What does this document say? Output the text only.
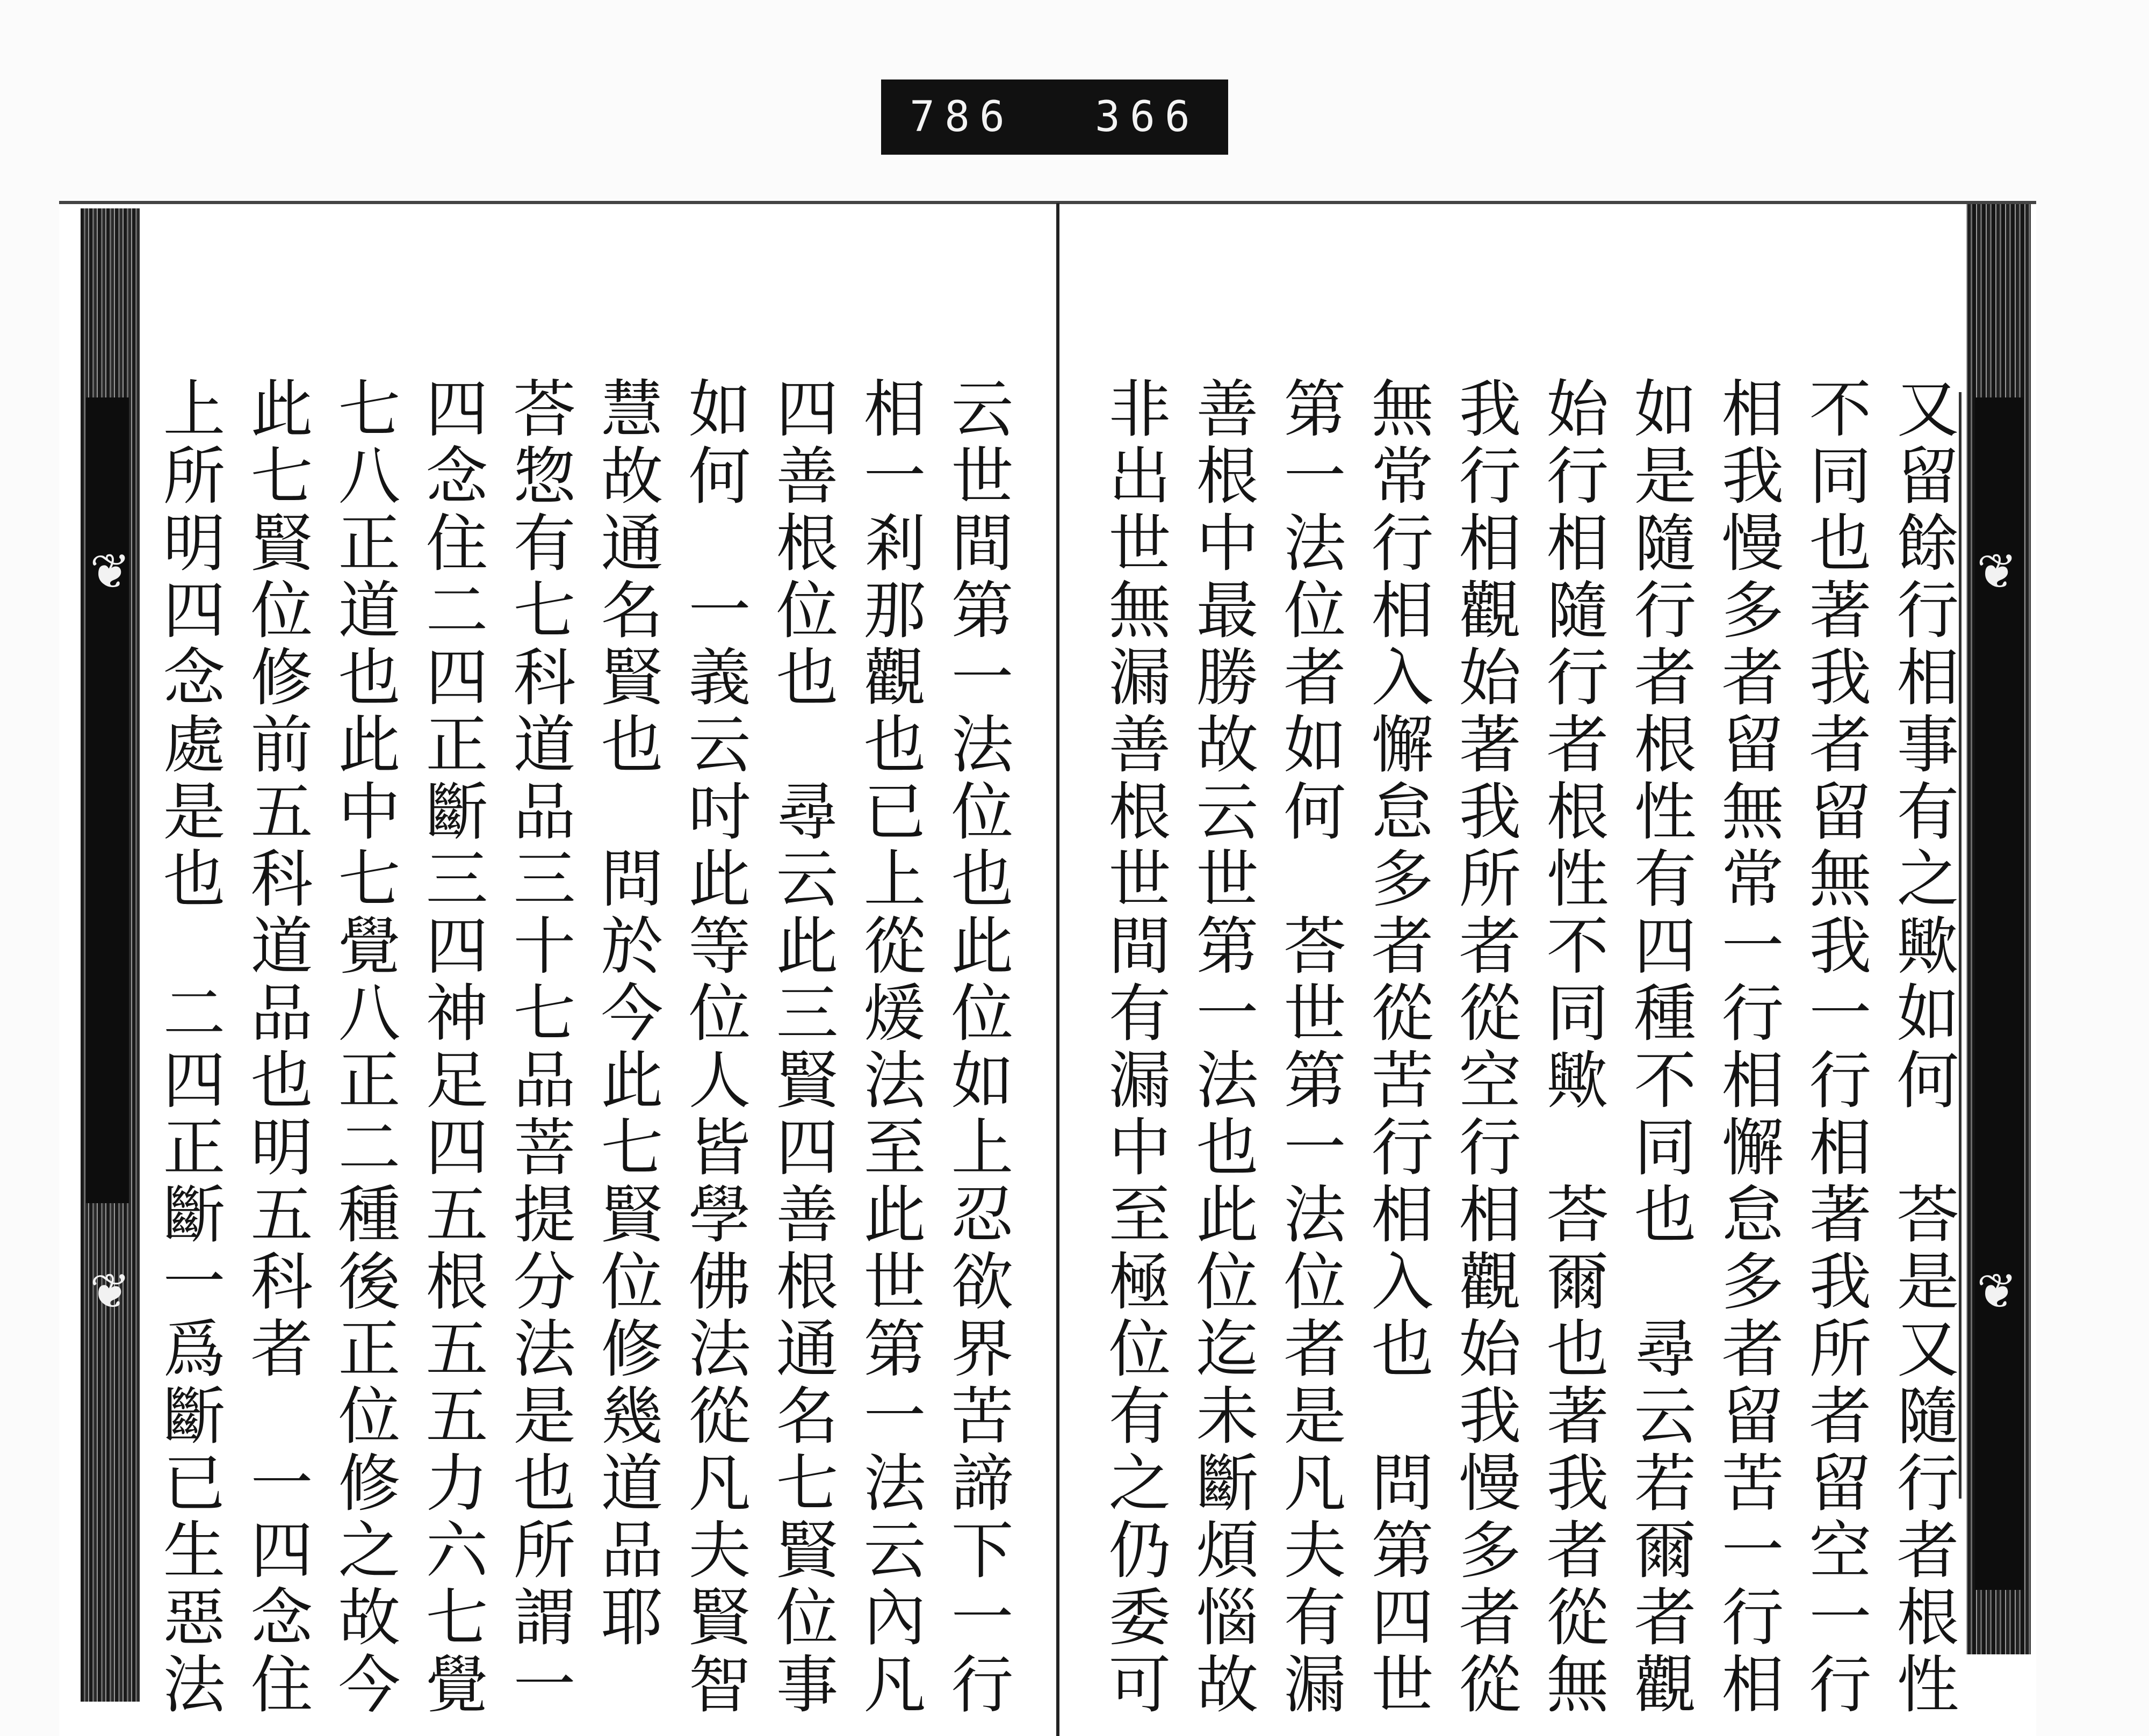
786 366
❦
❦
❦
❦
又留餘行相事有之歟如何　荅是又隨行者根性
不同也著我者留無我一行相著我所者留空一行
相我慢多者留無常一行相懈怠多者留苦一行相
如是隨行者根性有四種不同也　尋云若爾者觀
始行相隨行者根性不同歟　荅爾也著我者從無
我行相觀始著我所者從空行相觀始我慢多者從
無常行相入懈怠多者從苦行相入也　問第四世
第一法位者如何　荅世第一法位者是凡夫有漏
善根中最勝故云世第一法也此位迄未斷煩惱故
非出世無漏善根世間有漏中至極位有之仍委可
云世間第一法位也此位如上忍欲界苦諦下一行
相一剎那觀也已上從煖法至此世第一法云內凡
四善根位也　尋云此三賢四善根通名七賢位事
如何　一義云吋此等位人皆學佛法從凡夫賢智
慧故通名賢也　問於今此七賢位修幾道品耶
荅惣有七科道品三十七品菩提分法是也所謂一
四念住二四正斷三四神足四五根五五力六七覺
七八正道也此中七覺八正二種後正位修之故今
此七賢位修前五科道品也明五科者　一四念住
上所明四念處是也　二四正斷一爲斷已生惡法
